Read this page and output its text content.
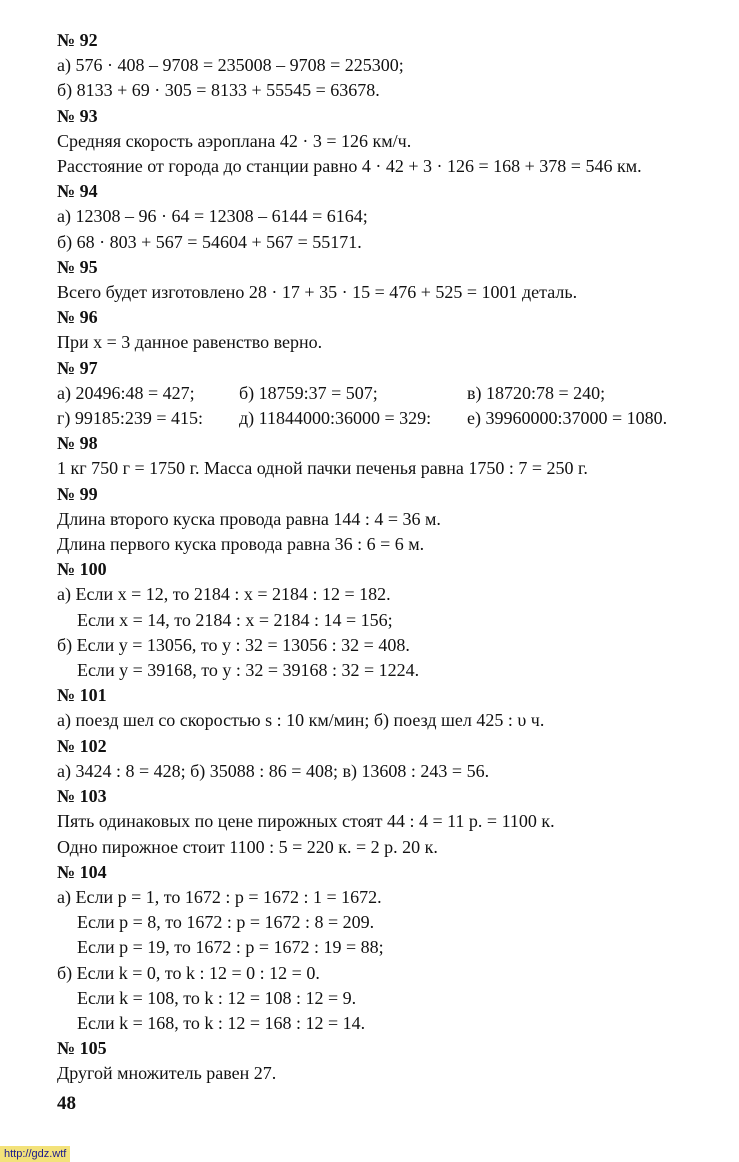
№ 92
а) 576 · 408 – 9708 = 235008 – 9708 = 225300;
б) 8133 + 69 · 305 = 8133 + 55545 = 63678.
№ 93
Средняя скорость аэроплана 42 · 3 = 126 км/ч.
Расстояние от города до станции равно 4 · 42 + 3 · 126 = 168 + 378 = 546 км.
№ 94
а) 12308 – 96 · 64 = 12308 – 6144 = 6164;
б) 68 · 803 + 567 = 54604 + 567 = 55171.
№ 95
Всего будет изготовлено 28 · 17 + 35 · 15 = 476 + 525 = 1001 деталь.
№ 96
При x = 3 данное равенство верно.
№ 97
а) 20496:48 = 427;	б) 18759:37 = 507;	в) 18720:78 = 240;
г) 99185:239 = 415:	д) 11844000:36000 = 329:	е) 39960000:37000 = 1080.
№ 98
1 кг 750 г = 1750 г. Масса одной пачки печенья равна 1750 : 7 = 250 г.
№ 99
Длина второго куска провода равна 144 : 4 = 36 м.
Длина первого куска провода равна 36 : 6 = 6 м.
№ 100
а) Если x = 12, то 2184 : x = 2184 : 12 = 182.
Если x = 14, то 2184 : x = 2184 : 14 = 156;
б) Если y = 13056, то y : 32 = 13056 : 32 = 408.
Если y = 39168, то y : 32 = 39168 : 32 = 1224.
№ 101
а) поезд шел со скоростью s : 10 км/мин; б) поезд шел 425 : υ ч.
№ 102
а) 3424 : 8 = 428; б) 35088 : 86 = 408; в) 13608 : 243 = 56.
№ 103
Пять одинаковых по цене пирожных стоят 44 : 4 = 11 р. = 1100 к.
Одно пирожное стоит 1100 : 5 = 220 к. = 2 р. 20 к.
№ 104
а) Если p = 1, то 1672 : p = 1672 : 1 = 1672.
Если p = 8, то 1672 : p = 1672 : 8 = 209.
Если p = 19, то 1672 : p = 1672 : 19 = 88;
б) Если k = 0, то k : 12 = 0 : 12 = 0.
Если k = 108, то k : 12 = 108 : 12 = 9.
Если k = 168, то k : 12 = 168 : 12 = 14.
№ 105
Другой множитель равен 27.
48
http://gdz.wtf
